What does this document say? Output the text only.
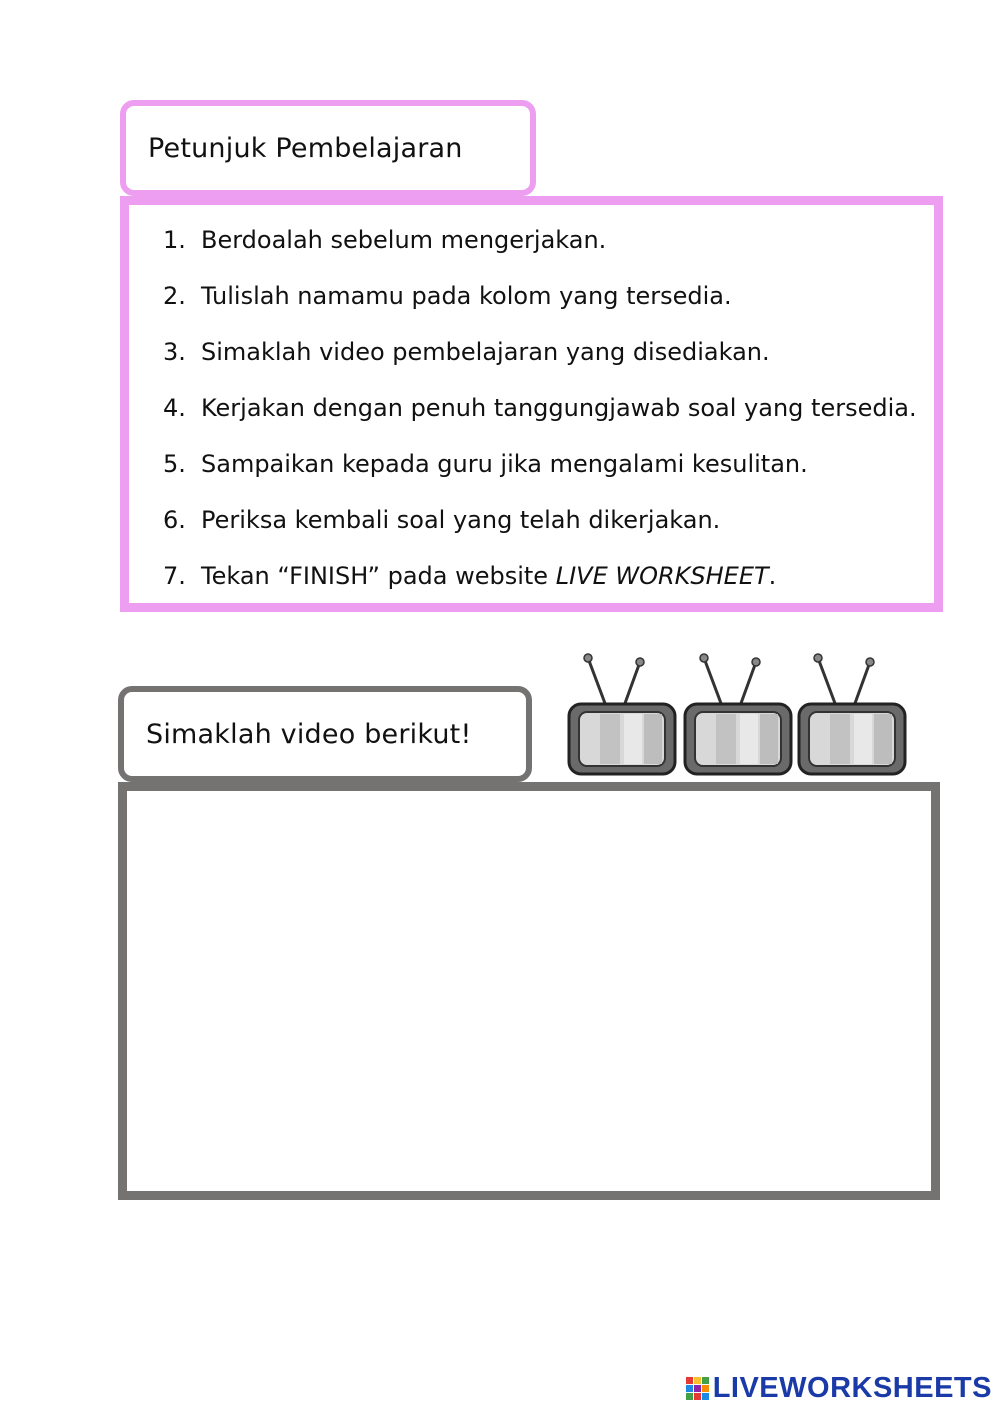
Petunjuk Pembelajaran
1. Berdoalah sebelum mengerjakan.
2. Tulislah namamu pada kolom yang tersedia.
3. Simaklah video pembelajaran yang disediakan.
4. Kerjakan dengan penuh tanggungjawab soal yang tersedia.
5. Sampaikan kepada guru jika mengalami kesulitan.
6. Periksa kembali soal yang telah dikerjakan.
7. Tekan “FINISH” pada website LIVE WORKSHEET.
Simaklah video berikut!
LIVEWORKSHEETS
